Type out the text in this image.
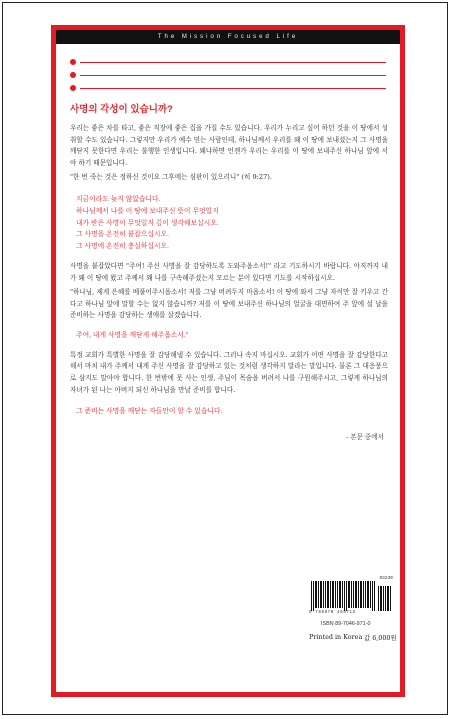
The Mission Focused Life
사명의 각성이 있습니까?

우리는 좋은 차를 타고, 좋은 직장에 좋은 집을 가질 수도 있습니다. 우리가 누리고 싶어 하던 것을 이 땅에서 성취할 수도 있습니다. 그렇지만 우리가 예수 믿는 사람인데, 하나님께서 우리를 왜 이 땅에 보내셨는지 그 사명을 깨닫지 못한다면 우리는 불행한 인생입니다. 왜냐하면 언젠가 우리는 우리를 이 땅에 보내주신 하나님 앞에 서야 하기 때문입니다.

"한 번 죽는 것은 정하신 것이요 그후에는 심판이 있으리니" (히 9:27).

지금이라도 늦지 않았습니다.
하나님께서 나를 이 땅에 보내주신 뜻이 무엇일지
내가 받은 사명이 무엇일지 깊이 생각해보십시오.
그 사명을 온전히 붙잡으십시오.
그 사명에 온전히 충실하십시오.

사명을 붙잡았다면 "주여! 주신 사명을 잘 감당하도록 도와주옵소서!" 라고 기도하시기 바랍니다. 아직까지 내가 왜 이 땅에 왔고 주께서 왜 나를 구속해주셨는지 모르는 분이 있다면 기도를 시작하십시오.

"하나님, 제게 은혜를 베풀어주시옵소서! 저를 그냥 버려두지 마옵소서! 이 땅에 와서 그냥 자식만 잘 키우고 간다고 하나님 앞에 말할 수는 없지 않습니까? 저를 이 땅에 보내주신 하나님의 얼굴을 대면하여 주 앞에 설 날을 준비하는 사명을 감당하는 생애를 살겠습니다.

주여, 내게 사명을 깨닫게 해주옵소서."

특정 교회가 특별한 사명을 잘 감당해낼 수 있습니다. 그러나 속지 마십시오. 교회가 어떤 사명을 잘 감당한다고 해서 마치 내가 주께서 내게 주신 사명을 잘 감당하고 있는 것처럼 생각하지 말라는 말입니다. 물론 그 대응풍으로 삼지도 말아야 합니다. 한 번밖에 못 사는 인생, 주님이 목숨을 버려서 나를 구원해주시고, 그렇게 하나님의 자녀가 된 나는 아버지 되신 하나님을 만날 준비를 합니다.

그 준비는 사명을 깨닫는 자들만이 할 수 있습니다.
- 본문 중에서
03230
9 788970 469713
ISBN 89-7046-971-0
Printed in Korea 값 6,000원
